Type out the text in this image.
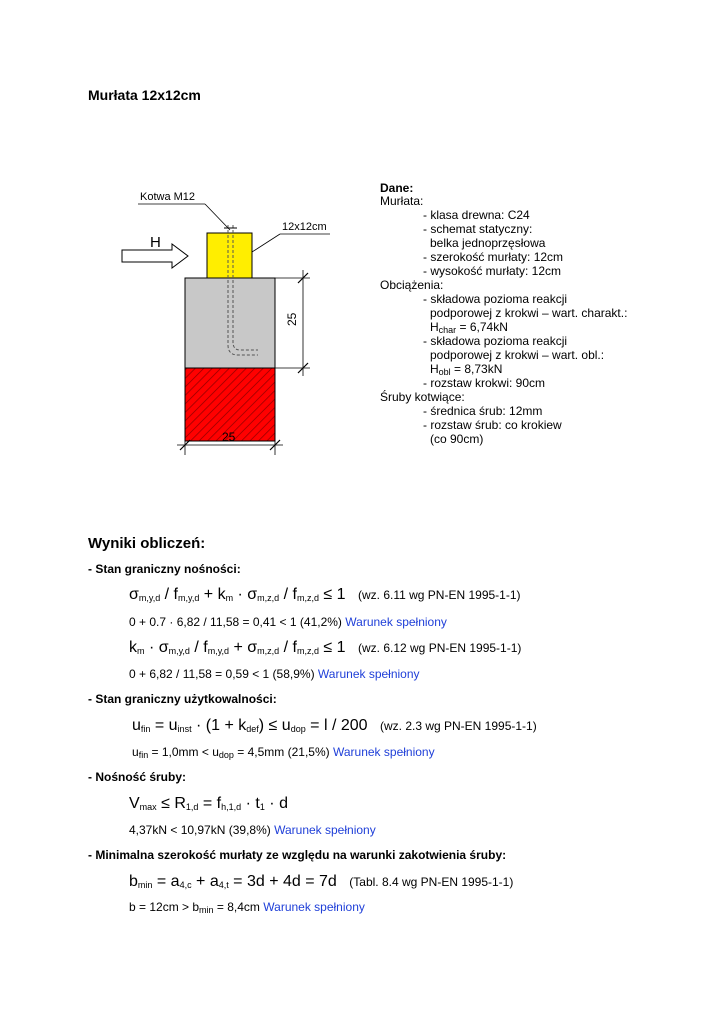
Murłata 12x12cm
Kotwa M12
12x12cm
H
25
25
Dane:
Murłata:
- klasa drewna: C24
- schemat statyczny:
belka jednoprzęsłowa
- szerokość murłaty: 12cm
- wysokość murłaty: 12cm
Obciążenia:
- składowa pozioma reakcji
podporowej z krokwi – wart. charakt.:
$H_{char} = 6,74kN$
- składowa pozioma reakcji
podporowej z krokwi – wart. obl.:
$H_{obl} = 8,73kN$
- rozstaw krokwi: 90cm
Śruby kotwiące:
- średnica śrub: 12mm
- rozstaw śrub: co krokiew
(co 90cm)
Wyniki obliczeń:
- Stan graniczny nośności:
$\sigma_{m,y,d} / f_{m,y,d} + k_m \cdot \sigma_{m,z,d} / f_{m,z,d} \le 1$ (wz. 6.11 wg PN-EN 1995-1-1)
0 + 0.7 · 6,82 / 11,58 = 0,41 < 1 (41,2%) Warunek spełniony
$k_m \cdot \sigma_{m,y,d} / f_{m,y,d} + \sigma_{m,z,d} / f_{m,z,d} \le 1$ (wz. 6.12 wg PN-EN 1995-1-1)
0 + 6,82 / 11,58 = 0,59 < 1 (58,9%) Warunek spełniony
- Stan graniczny użytkowalności:
$u_{fin} = u_{inst} \cdot (1 + k_{def}) \le u_{dop} = l / 200$ (wz. 2.3 wg PN-EN 1995-1-1)
$u_{fin} = 1,0mm < u_{dop} = 4,5mm$ (21,5%) Warunek spełniony
- Nośność śruby:
$V_{max} \le R_{1,d} = f_{h,1,d} \cdot t_1 \cdot d$
4,37kN < 10,97kN (39,8%) Warunek spełniony
- Minimalna szerokość murłaty ze względu na warunki zakotwienia śruby:
$b_{min} = a_{4,c} + a_{4,t} = 3d + 4d = 7d$ (Tabl. 8.4 wg PN-EN 1995-1-1)
$b = 12cm > b_{min} = 8,4cm$ Warunek spełniony
